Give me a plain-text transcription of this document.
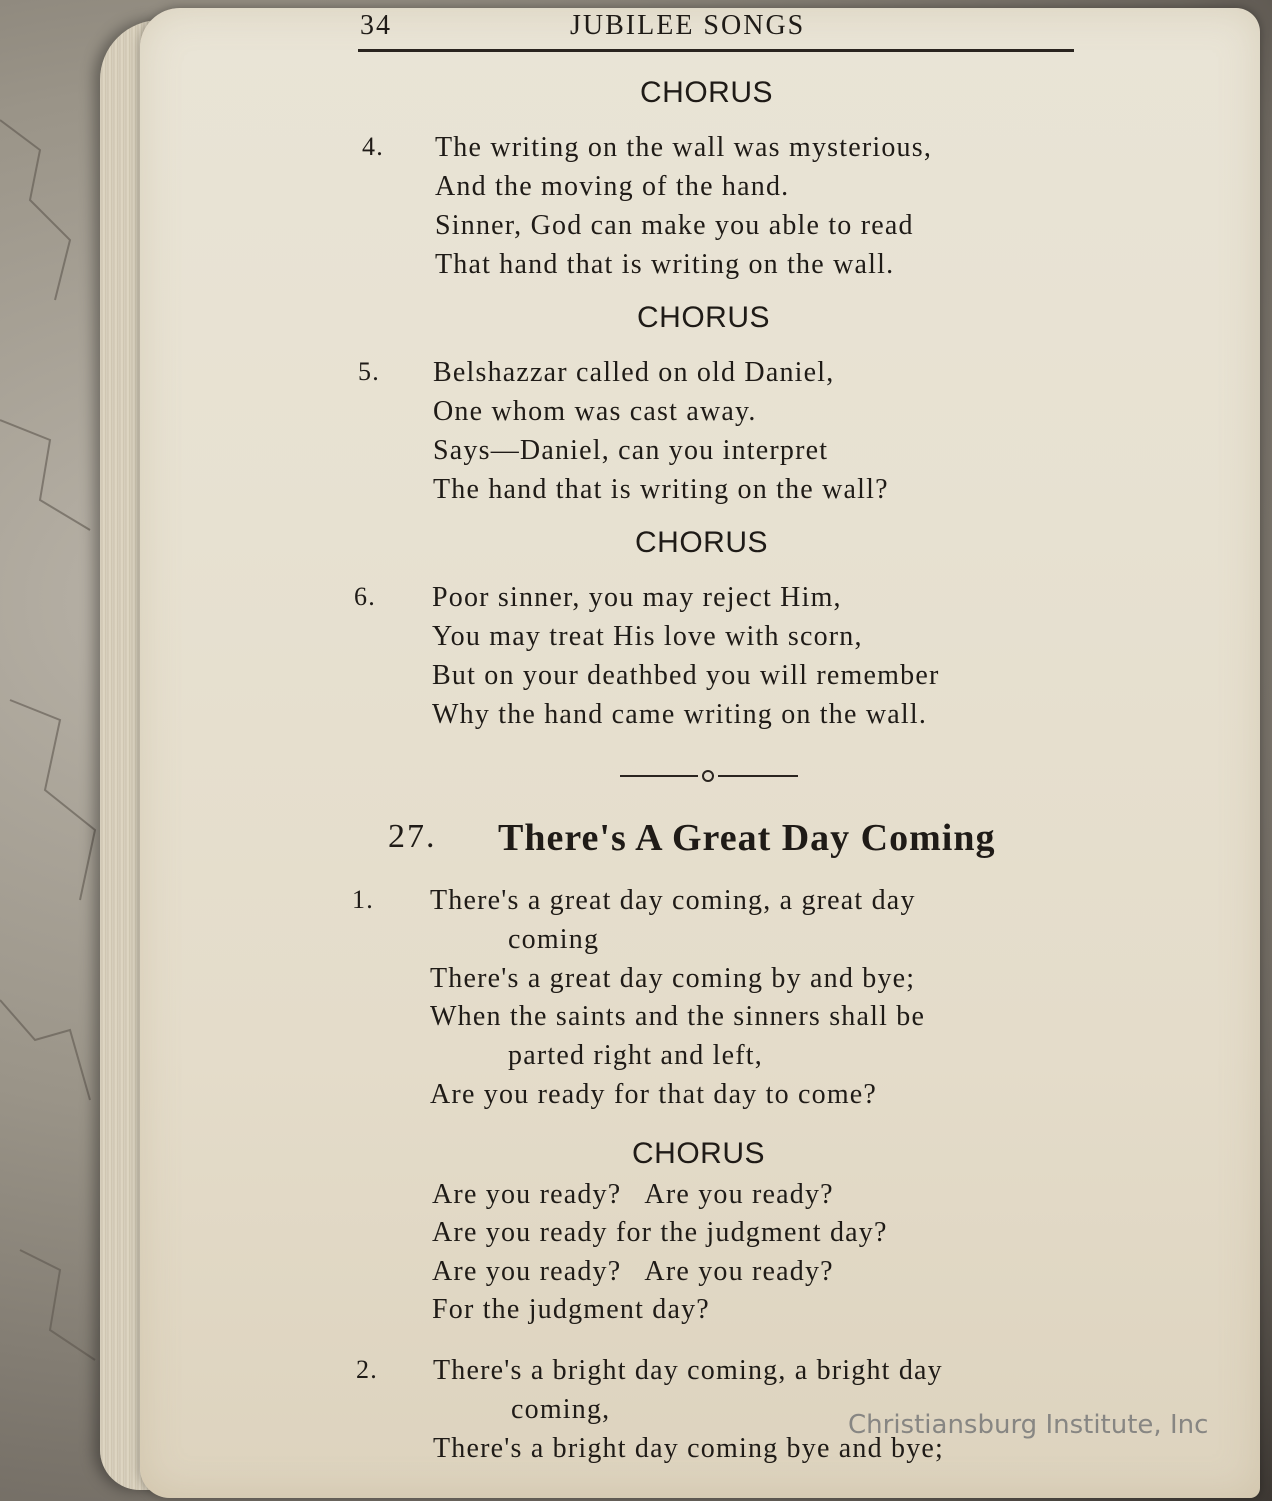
34	JUBILEE SONGS
CHORUS
4. The writing on the wall was mysterious,
And the moving of the hand.
Sinner, God can make you able to read
That hand that is writing on the wall.
CHORUS
5. Belshazzar called on old Daniel,
One whom was cast away.
Says—Daniel, can you interpret
The hand that is writing on the wall?
CHORUS
6. Poor sinner, you may reject Him,
You may treat His love with scorn,
But on your deathbed you will remember
Why the hand came writing on the wall.
27. There's A Great Day Coming
1. There's a great day coming, a great day
coming
There's a great day coming by and bye;
When the saints and the sinners shall be
parted right and left,
Are you ready for that day to come?
CHORUS
Are you ready?   Are you ready?
Are you ready for the judgment day?
Are you ready?   Are you ready?
For the judgment day?
2. There's a bright day coming, a bright day
coming,
There's a bright day coming bye and bye;
Christiansburg Institute, Inc
